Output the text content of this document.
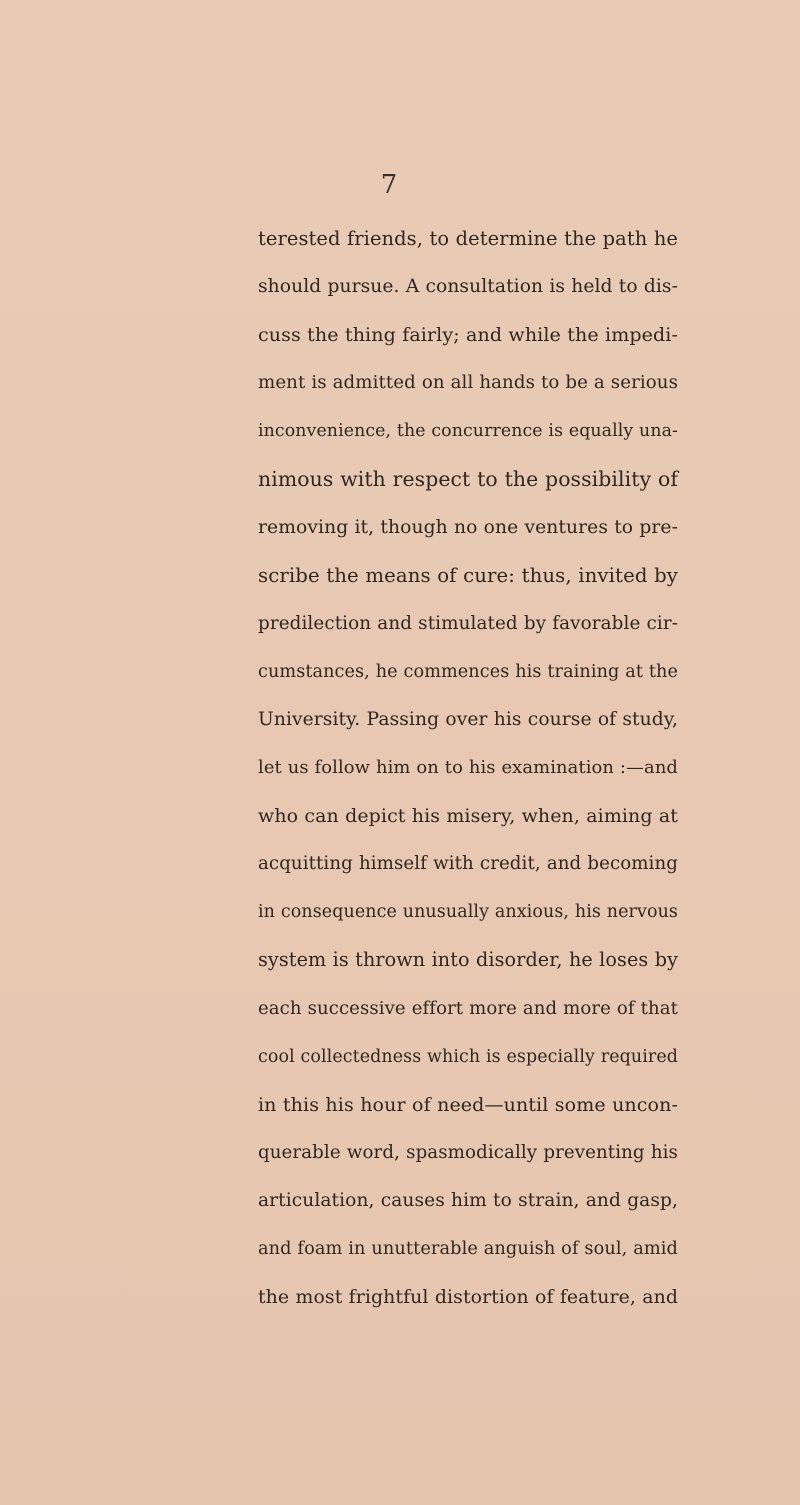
7
terested friends, to determine the path he
should pursue. A consultation is held to dis-
cuss the thing fairly; and while the impedi-
ment is admitted on all hands to be a serious
inconvenience, the concurrence is equally una-
nimous with respect to the possibility of
removing it, though no one ventures to pre-
scribe the means of cure: thus, invited by
predilection and stimulated by favorable cir-
cumstances, he commences his training at the
University. Passing over his course of study,
let us follow him on to his examination :—and
who can depict his misery, when, aiming at
acquitting himself with credit, and becoming
in consequence unusually anxious, his nervous
system is thrown into disorder, he loses by
each successive effort more and more of that
cool collectedness which is especially required
in this his hour of need—until some uncon-
querable word, spasmodically preventing his
articulation, causes him to strain, and gasp,
and foam in unutterable anguish of soul, amid
the most frightful distortion of feature, and
